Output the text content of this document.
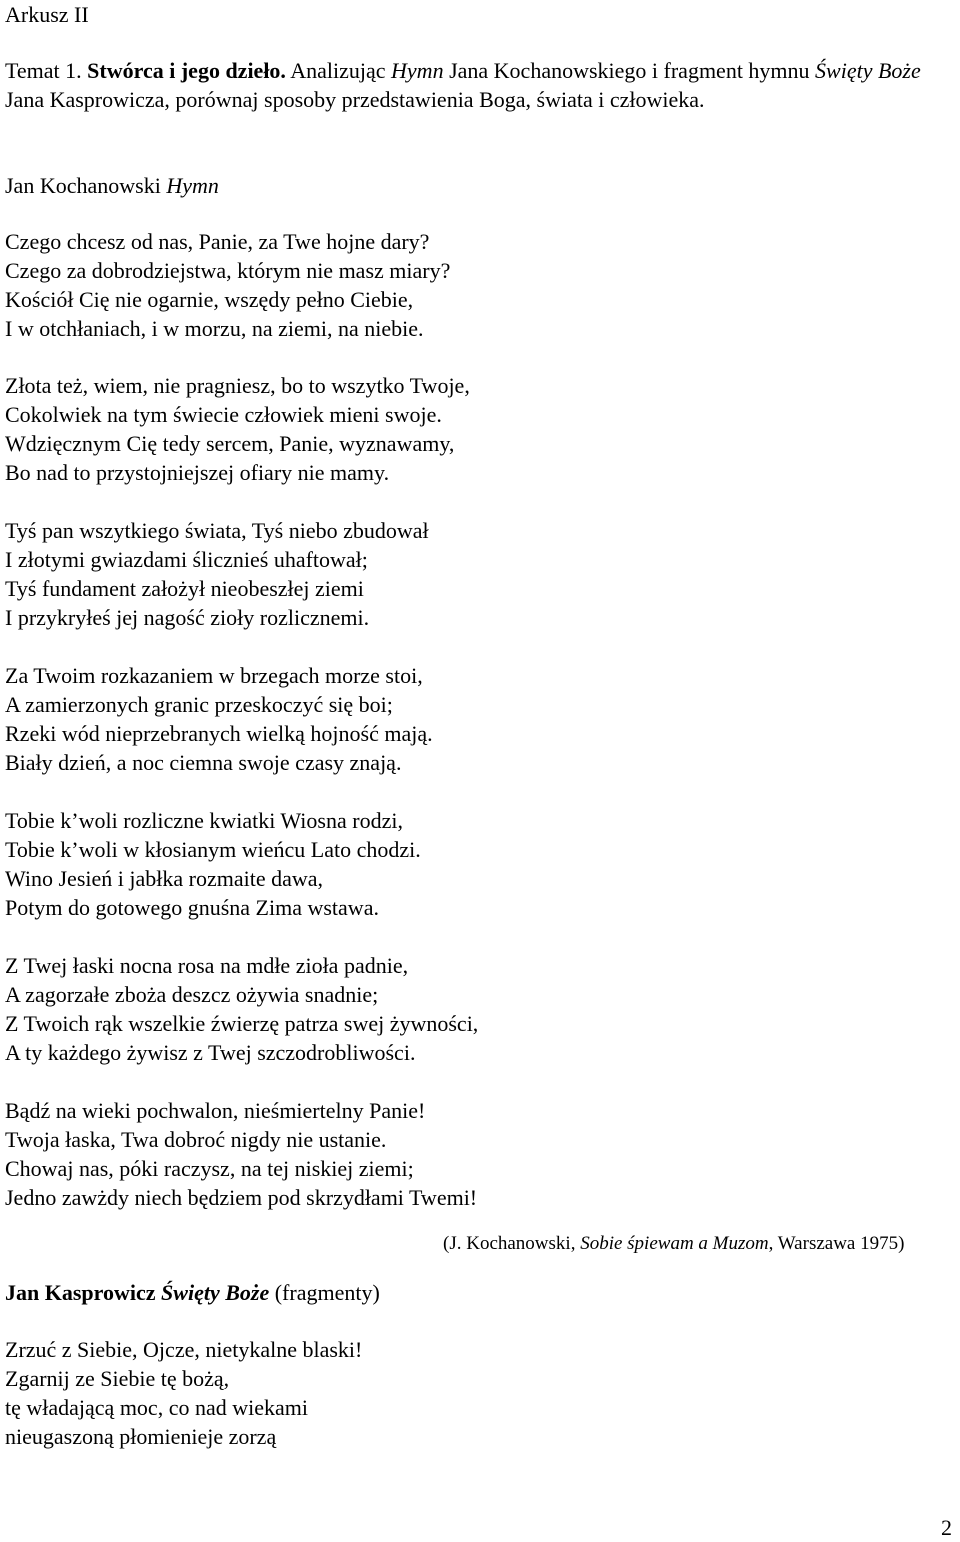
Arkusz II
Temat 1. Stwórca i jego dzieło. Analizując Hymn Jana Kochanowskiego i fragment hymnu Święty Boże Jana Kasprowicza, porównaj sposoby przedstawienia Boga, świata i człowieka.
Jan Kochanowski Hymn
Czego chcesz od nas, Panie, za Twe hojne dary?
Czego za dobrodziejstwa, którym nie masz miary?
Kościół Cię nie ogarnie, wszędy pełno Ciebie,
I w otchłaniach, i w morzu, na ziemi, na niebie.
Złota też, wiem, nie pragniesz, bo to wszytko Twoje,
Cokolwiek na tym świecie człowiek mieni swoje.
Wdzięcznym Cię tedy sercem, Panie, wyznawamy,
Bo nad to przystojniejszej ofiary nie mamy.
Tyś pan wszytkiego świata, Tyś niebo zbudował
I złotymi gwiazdami ślicznieś uhaftował;
Tyś fundament założył nieobeszłej ziemi
I przykryłeś jej nagość zioły rozlicznemi.
Za Twoim rozkazaniem w brzegach morze stoi,
A zamierzonych granic przeskoczyć się boi;
Rzeki wód nieprzebranych wielką hojność mają.
Biały dzień, a noc ciemna swoje czasy znają.
Tobie k’woli rozliczne kwiatki Wiosna rodzi,
Tobie k’woli w kłosianym wieńcu Lato chodzi.
Wino Jesień i jabłka rozmaite dawa,
Potym do gotowego gnuśna Zima wstawa.
Z Twej łaski nocna rosa na mdłe zioła padnie,
A zagorzałe zboża deszcz ożywia snadnie;
Z Twoich rąk wszelkie źwierzę patrza swej żywności,
A ty każdego żywisz z Twej szczodrobliwości.
Bądź na wieki pochwalon, nieśmiertelny Panie!
Twoja łaska, Twa dobroć nigdy nie ustanie.
Chowaj nas, póki raczysz, na tej niskiej ziemi;
Jedno zawżdy niech będziem pod skrzydłami Twemi!
(J. Kochanowski, Sobie śpiewam a Muzom, Warszawa 1975)
Jan Kasprowicz Święty Boże (fragmenty)
Zrzuć z Siebie, Ojcze, nietykalne blaski!
Zgarnij ze Siebie tę bożą,
tę władającą moc, co nad wiekami
nieugaszoną płomienieje zorzą
2
